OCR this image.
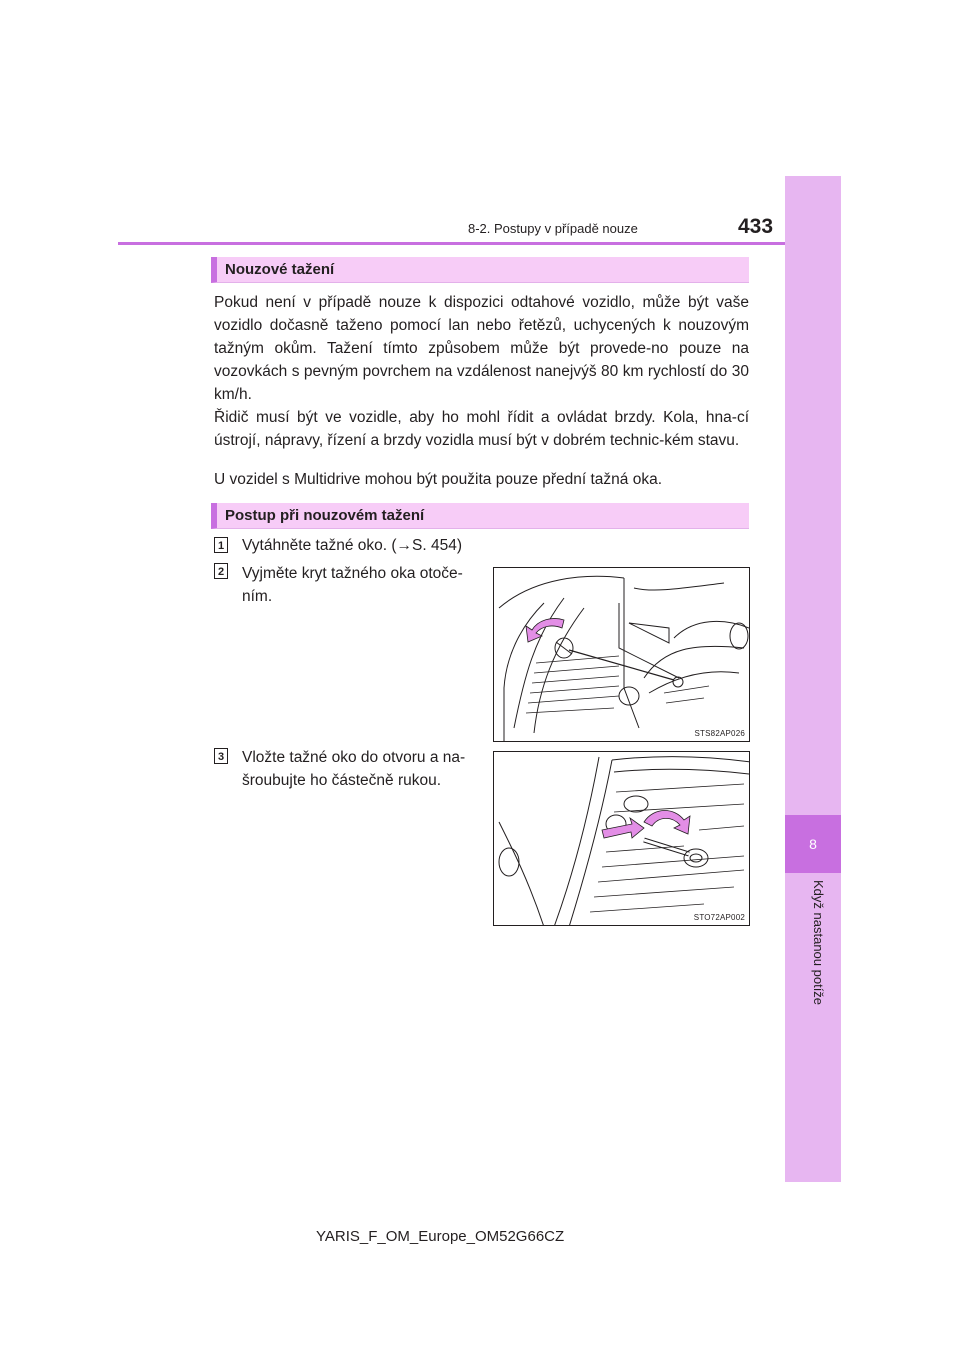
8
Když nastanou potíže
8-2. Postupy v případě nouze	433
Nouzové tažení
Pokud není v případě nouze k dispozici odtahové vozidlo, může být vaše vozidlo dočasně taženo pomocí lan nebo řetězů, uchycených k nouzovým tažným okům. Tažení tímto způsobem může být provede-no pouze na vozovkách s pevným povrchem na vzdálenost nanejvýš 80 km rychlostí do 30 km/h.
Řidič musí být ve vozidle, aby ho mohl řídit a ovládat brzdy. Kola, hna-cí ústrojí, nápravy, řízení a brzdy vozidla musí být v dobrém technic-kém stavu.
U vozidel s Multidrive mohou být použita pouze přední tažná oka.
Postup při nouzovém tažení
1 Vytáhněte tažné oko. (→S. 454)
2 Vyjměte kryt tažného oka otoče-ním.
3 Vložte tažné oko do otvoru a na-šroubujte ho částečně rukou.
STS82AP026
STO72AP002
YARIS_F_OM_Europe_OM52G66CZ
